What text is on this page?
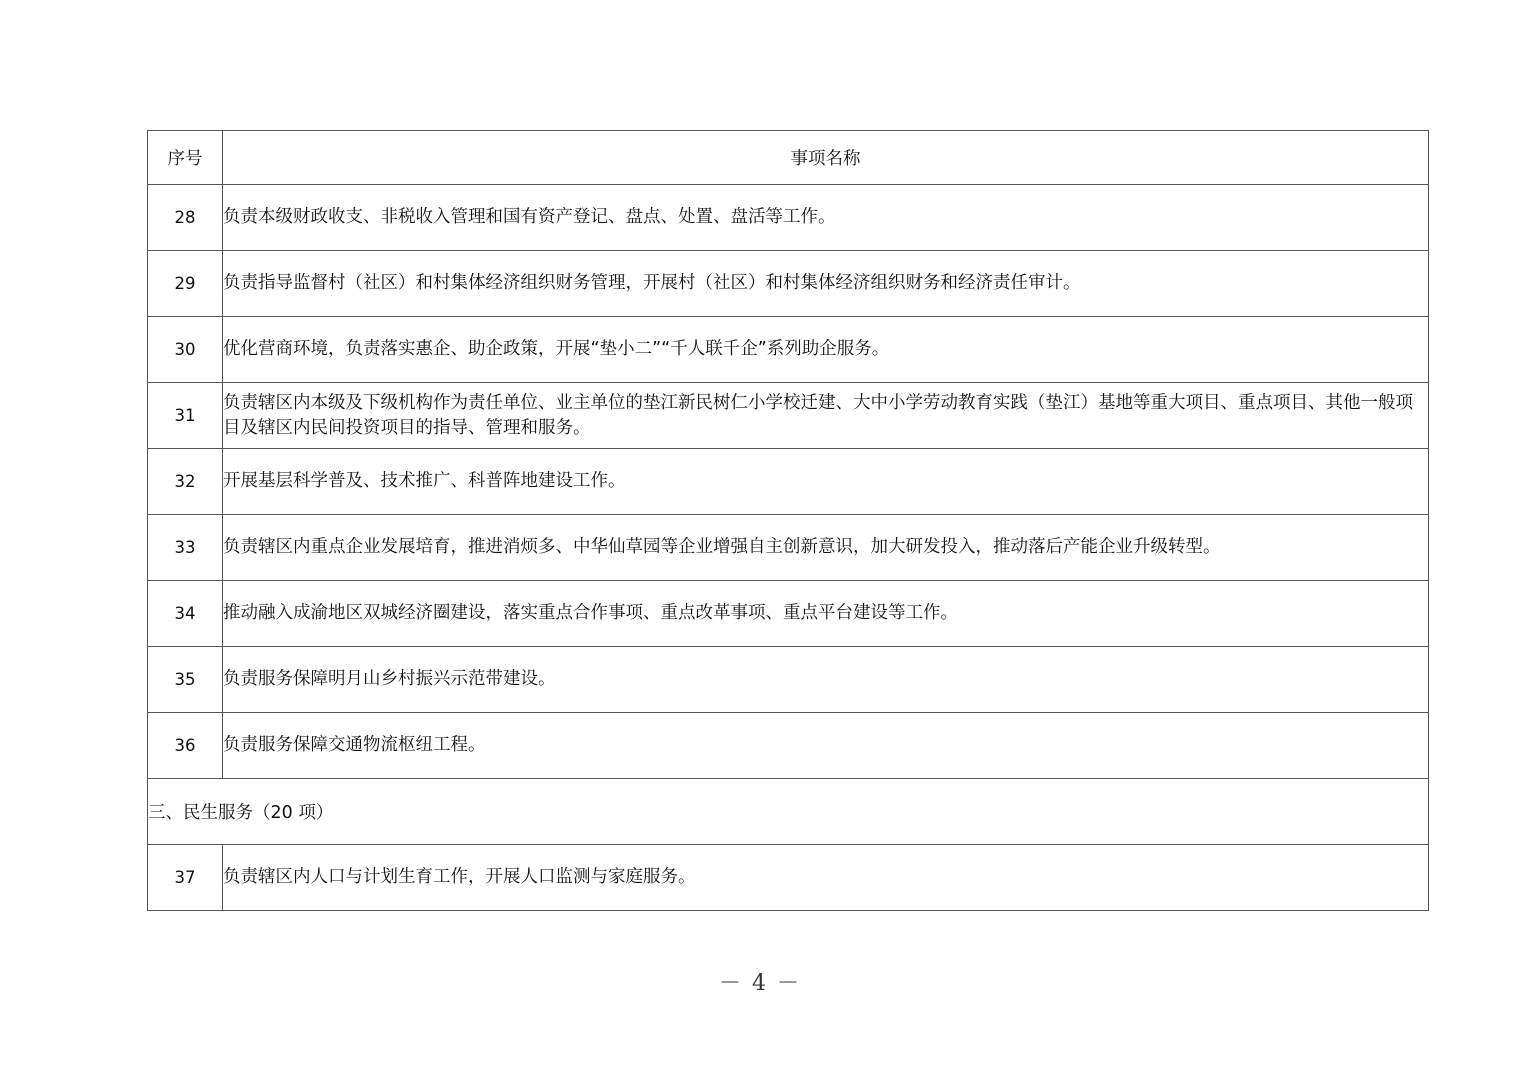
序号	事项名称
28	负责本级财政收支、非税收入管理和国有资产登记、盘点、处置、盘活等工作。
29	负责指导监督村（社区）和村集体经济组织财务管理，开展村（社区）和村集体经济组织财务和经济责任审计。
30	优化营商环境，负责落实惠企、助企政策，开展“垫小二”“千人联千企”系列助企服务。
31	负责辖区内本级及下级机构作为责任单位、业主单位的垫江新民树仁小学校迁建、大中小学劳动教育实践（垫江）基地等重大项目、重点项目、其他一般项目及辖区内民间投资项目的指导、管理和服务。
32	开展基层科学普及、技术推广、科普阵地建设工作。
33	负责辖区内重点企业发展培育，推进消烦多、中华仙草园等企业增强自主创新意识，加大研发投入，推动落后产能企业升级转型。
34	推动融入成渝地区双城经济圈建设，落实重点合作事项、重点改革事项、重点平台建设等工作。
35	负责服务保障明月山乡村振兴示范带建设。
36	负责服务保障交通物流枢纽工程。
三、民生服务（20 项）	
37	负责辖区内人口与计划生育工作，开展人口监测与家庭服务。
－ 4 －
